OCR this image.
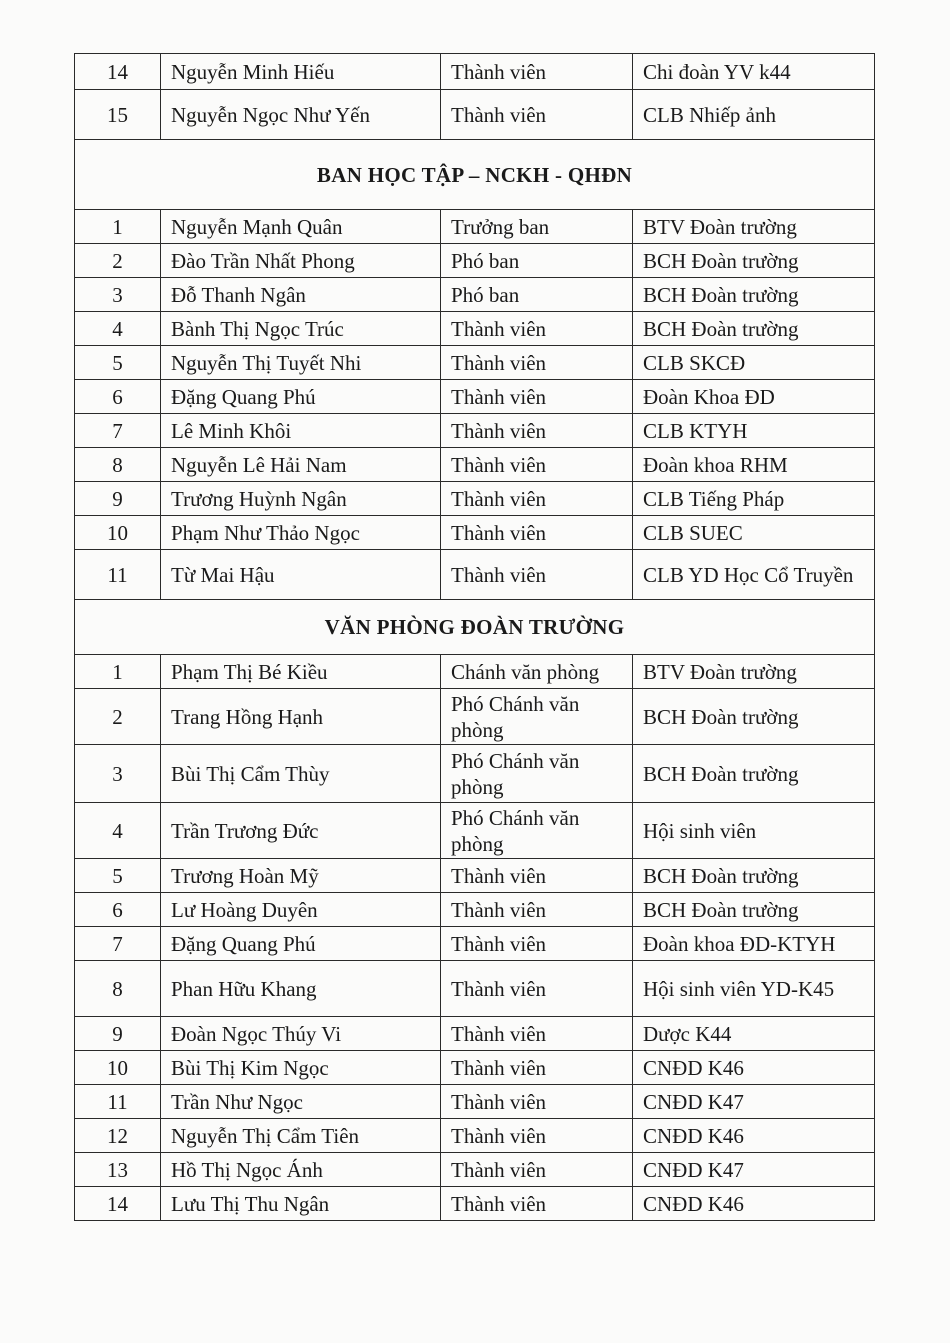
14	Nguyễn Minh Hiếu	Thành viên	Chi đoàn YV k44
15	Nguyễn Ngọc Như Yến	Thành viên	CLB Nhiếp ảnh
BAN HỌC TẬP – NCKH - QHĐN			
1	Nguyễn Mạnh Quân	Trưởng ban	BTV Đoàn trường
2	Đào Trần Nhất Phong	Phó ban	BCH Đoàn trường
3	Đỗ Thanh Ngân	Phó ban	BCH Đoàn trường
4	Bành Thị Ngọc Trúc	Thành viên	BCH Đoàn trường
5	Nguyễn Thị Tuyết Nhi	Thành viên	CLB SKCĐ
6	Đặng Quang Phú	Thành viên	Đoàn Khoa ĐD
7	Lê Minh Khôi	Thành viên	CLB KTYH
8	Nguyễn Lê Hải Nam	Thành viên	Đoàn khoa RHM
9	Trương Huỳnh Ngân	Thành viên	CLB Tiếng Pháp
10	Phạm Như Thảo Ngọc	Thành viên	CLB SUEC
11	Từ Mai Hậu	Thành viên	CLB YD Học Cổ Truyền
VĂN PHÒNG ĐOÀN TRƯỜNG			
1	Phạm Thị Bé Kiều	Chánh văn phòng	BTV Đoàn trường
2	Trang Hồng Hạnh	Phó Chánh văn phòng	BCH Đoàn trường
3	Bùi Thị Cẩm Thùy	Phó Chánh văn phòng	BCH Đoàn trường
4	Trần Trương Đức	Phó Chánh văn phòng	Hội sinh viên
5	Trương Hoàn Mỹ	Thành viên	BCH Đoàn trường
6	Lư Hoàng Duyên	Thành viên	BCH Đoàn trường
7	Đặng Quang Phú	Thành viên	Đoàn khoa ĐD-KTYH
8	Phan Hữu Khang	Thành viên	Hội sinh viên YD-K45
9	Đoàn Ngọc Thúy Vi	Thành viên	Dược K44
10	Bùi Thị Kim Ngọc	Thành viên	CNĐD K46
11	Trần Như Ngọc	Thành viên	CNĐD K47
12	Nguyễn Thị Cẩm Tiên	Thành viên	CNĐD K46
13	Hồ Thị Ngọc Ánh	Thành viên	CNĐD K47
14	Lưu Thị Thu Ngân	Thành viên	CNĐD K46
